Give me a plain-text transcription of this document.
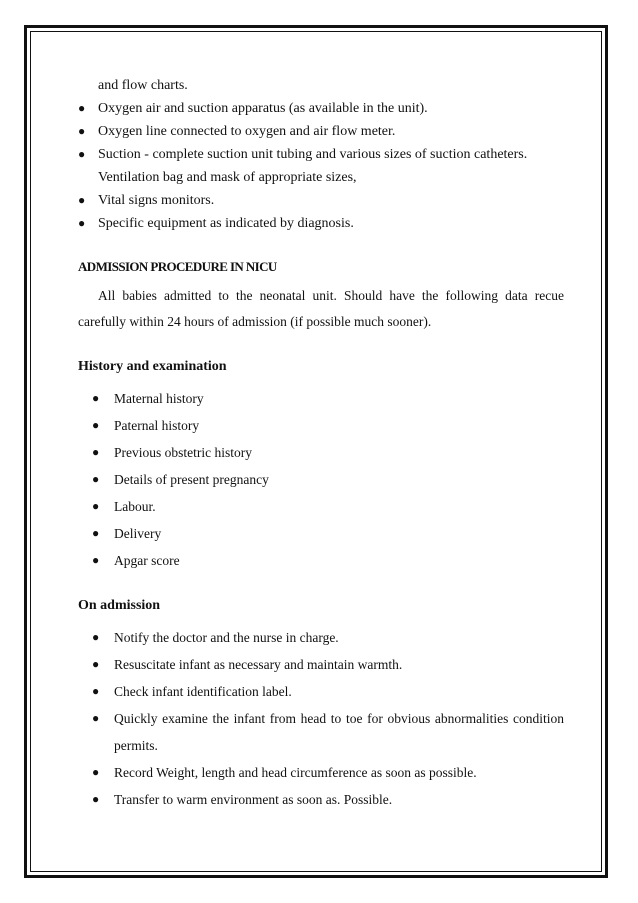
and flow charts.
● Oxygen air and suction apparatus (as available in the unit).
● Oxygen line connected to oxygen and air flow meter.
● Suction - complete suction unit tubing and various sizes of suction catheters. Ventilation bag and mask of appropriate sizes,
● Vital signs monitors.
● Specific equipment as indicated by diagnosis.
ADMISSION PROCEDURE IN NICU
All babies admitted to the neonatal unit. Should have the following data recue carefully within 24 hours of admission (if possible much sooner).
History and examination
● Maternal history
● Paternal history
● Previous obstetric history
● Details of present pregnancy
● Labour.
● Delivery
● Apgar score
On admission
● Notify the doctor and the nurse in charge.
● Resuscitate infant as necessary and maintain warmth.
● Check infant identification label.
● Quickly examine the infant from head to toe for obvious abnormalities condition permits.
● Record Weight, length and head circumference as soon as possible.
● Transfer to warm environment as soon as. Possible.
